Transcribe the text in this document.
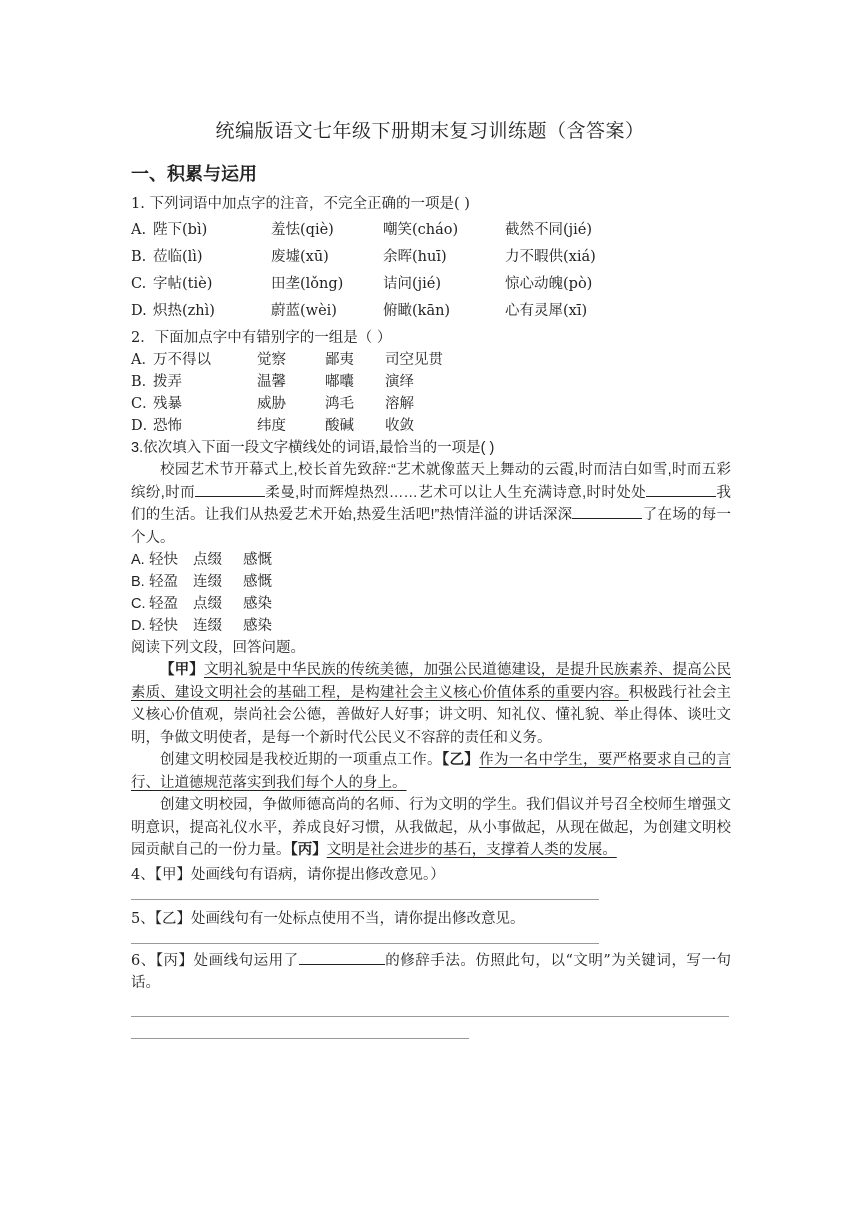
统编版语文七年级下册期末复习训练题（含答案）
一、积累与运用
1. 下列词语中加点字的注音，不完全正确的一项是( )
A. 陛下(bì)	羞怯(qiè)	嘲笑(cháo)	截然不同(jié)
B. 莅临(lì)	废墟(xū)	余晖(huī)	力不暇供(xiá)
C. 字帖(tiè)	田垄(lǒng)	诘问(jié)	惊心动魄(pò)
D. 炽热(zhì)	蔚蓝(wèi)	俯瞰(kān)	心有灵犀(xī)
2．下面加点字中有错别字的一组是（ ）
A．万不得以	觉察	鄙夷 司空见贯
B．拨弄	温馨	嘟囔 演绎
C．残暴	威胁	鸿毛 溶解
D．恐怖	纬度	酸碱 收敛
3.依次填入下面一段文字横线处的词语,最恰当的一项是( )
校园艺术节开幕式上,校长首先致辞:“艺术就像蓝天上舞动的云霞,时而洁白如雪,时而五彩缤纷,时而	柔曼,时而辉煌热烈……艺术可以让人生充满诗意,时时处处	我们的生活。让我们从热爱艺术开始,热爱生活吧!”热情洋溢的讲话深深	了在场的每一个人。
A. 轻快 点缀 感慨
B. 轻盈 连缀 感慨
C. 轻盈 点缀 感染
D. 轻快 连缀 感染
阅读下列文段，回答问题。
【甲】文明礼貌是中华民族的传统美德，加强公民道德建设，是提升民族素养、提高公民素质、建设文明社会的基础工程，是构建社会主义核心价值体系的重要内容。积极践行社会主义核心价值观，崇尚社会公德，善做好人好事；讲文明、知礼仪、懂礼貌、举止得体、谈吐文明，争做文明使者，是每一个新时代公民义不容辞的责任和义务。
创建文明校园是我校近期的一项重点工作。【乙】作为一名中学生，要严格要求自己的言行、让道德规范落实到我们每个人的身上。
创建文明校园，争做师德高尚的名师、行为文明的学生。我们倡议并号召全校师生增强文明意识，提高礼仪水平，养成良好习惯，从我做起，从小事做起，从现在做起，为创建文明校园贡献自己的一份力量。【丙】文明是社会进步的基石，支撑着人类的发展。
4、【甲】处画线句有语病，请你提出修改意见。）
5、【乙】处画线句有一处标点使用不当，请你提出修改意见。
6、【丙】处画线句运用了	的修辞手法。仿照此句，以“文明”为关键词，写一句话。
